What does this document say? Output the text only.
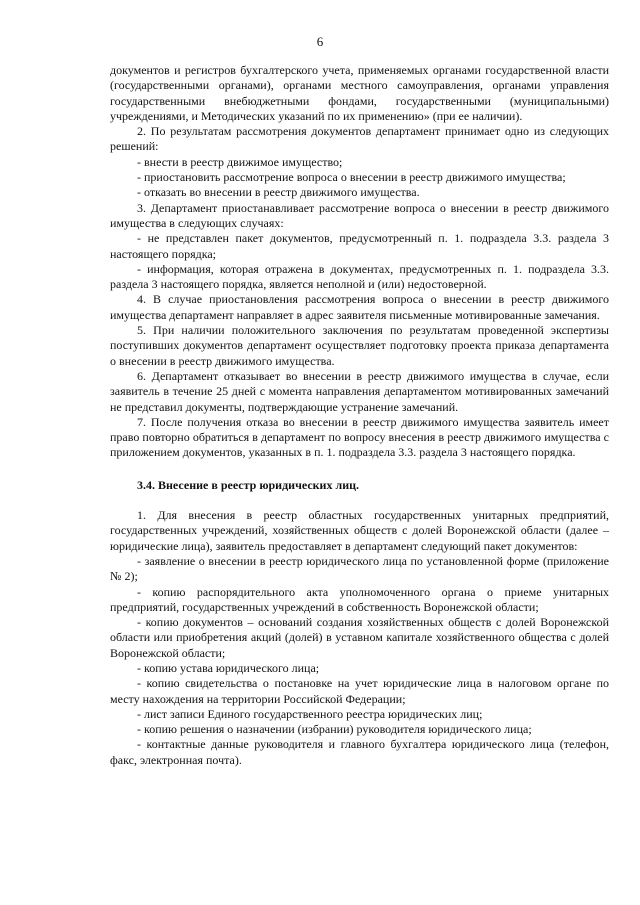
6

документов и регистров бухгалтерского учета, применяемых органами государственной власти (государственными органами), органами местного самоуправления, органами управления государственными внебюджетными фондами, государственными (муниципальными) учреждениями, и Методических указаний по их применению» (при ее наличии).

2. По результатам рассмотрения документов департамент принимает одно из следующих решений:

- внести в реестр движимое имущество;

- приостановить рассмотрение вопроса о внесении в реестр движимого имущества;

- отказать во внесении в реестр движимого имущества.

3. Департамент приостанавливает рассмотрение вопроса о внесении в реестр движимого имущества в следующих случаях:

- не представлен пакет документов, предусмотренный п. 1. подраздела 3.3. раздела 3 настоящего порядка;

- информация, которая отражена в документах, предусмотренных п. 1. подраздела 3.3. раздела 3 настоящего порядка, является неполной и (или) недостоверной.

4. В случае приостановления рассмотрения вопроса о внесении в реестр движимого имущества департамент направляет в адрес заявителя письменные мотивированные замечания.

5. При наличии положительного заключения по результатам проведенной экспертизы поступивших документов департамент осуществляет подготовку проекта приказа департамента о внесении в реестр движимого имущества.

6. Департамент отказывает во внесении в реестр движимого имущества в случае, если заявитель в течение 25 дней с момента направления департаментом мотивированных замечаний не представил документы, подтверждающие устранение замечаний.

7. После получения отказа во внесении в реестр движимого имущества заявитель имеет право повторно обратиться в департамент по вопросу внесения в реестр движимого имущества с приложением документов, указанных в п. 1. подраздела 3.3. раздела 3 настоящего порядка.

3.4. Внесение в реестр юридических лиц.

1. Для внесения в реестр областных государственных унитарных предприятий, государственных учреждений, хозяйственных обществ с долей Воронежской области (далее – юридические лица), заявитель предоставляет в департамент следующий пакет документов:

- заявление о внесении в реестр юридического лица по установленной форме (приложение № 2);

- копию распорядительного акта уполномоченного органа о приеме унитарных предприятий, государственных учреждений в собственность Воронежской области;

- копию документов – оснований создания хозяйственных обществ с долей Воронежской области или приобретения акций (долей) в уставном капитале хозяйственного общества с долей Воронежской области;

- копию устава юридического лица;

- копию свидетельства о постановке на учет юридические лица в налоговом органе по месту нахождения на территории Российской Федерации;

- лист записи Единого государственного реестра юридических лиц;

- копию решения о назначении (избрании) руководителя юридического лица;

- контактные данные руководителя и главного бухгалтера юридического лица (телефон, факс, электронная почта).
